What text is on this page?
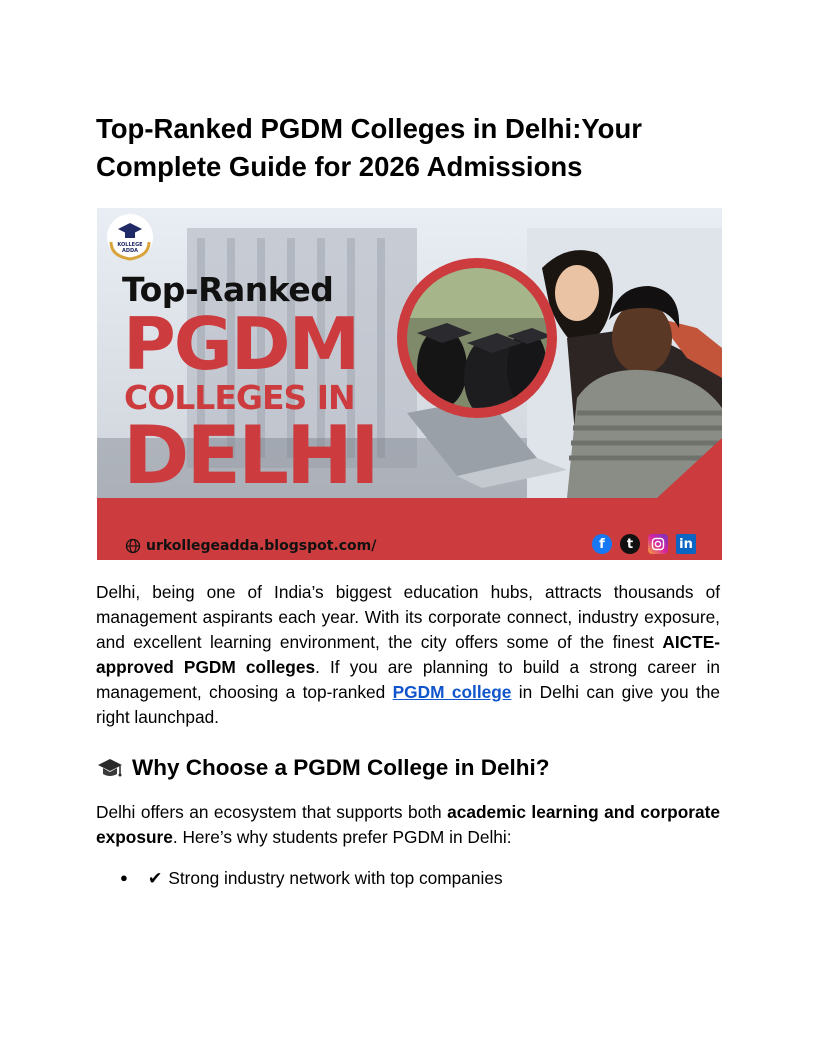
Top-Ranked PGDM Colleges in Delhi:Your Complete Guide for 2026 Admissions
KOLLEGE
ADDA
Top-Ranked
PGDM
COLLEGES IN
DELHI
urkollegeadda.blogspot.com/	f	t	in

Delhi, being one of India’s biggest education hubs, attracts thousands of management aspirants each year. With its corporate connect, industry exposure, and excellent learning environment, the city offers some of the finest AICTE-approved PGDM colleges. If you are planning to build a strong career in management, choosing a top-ranked PGDM college in Delhi can give you the right launchpad.

Why Choose a PGDM College in Delhi?

Delhi offers an ecosystem that supports both academic learning and corporate exposure. Here’s why students prefer PGDM in Delhi:

● ✔ Strong industry network with top companies
